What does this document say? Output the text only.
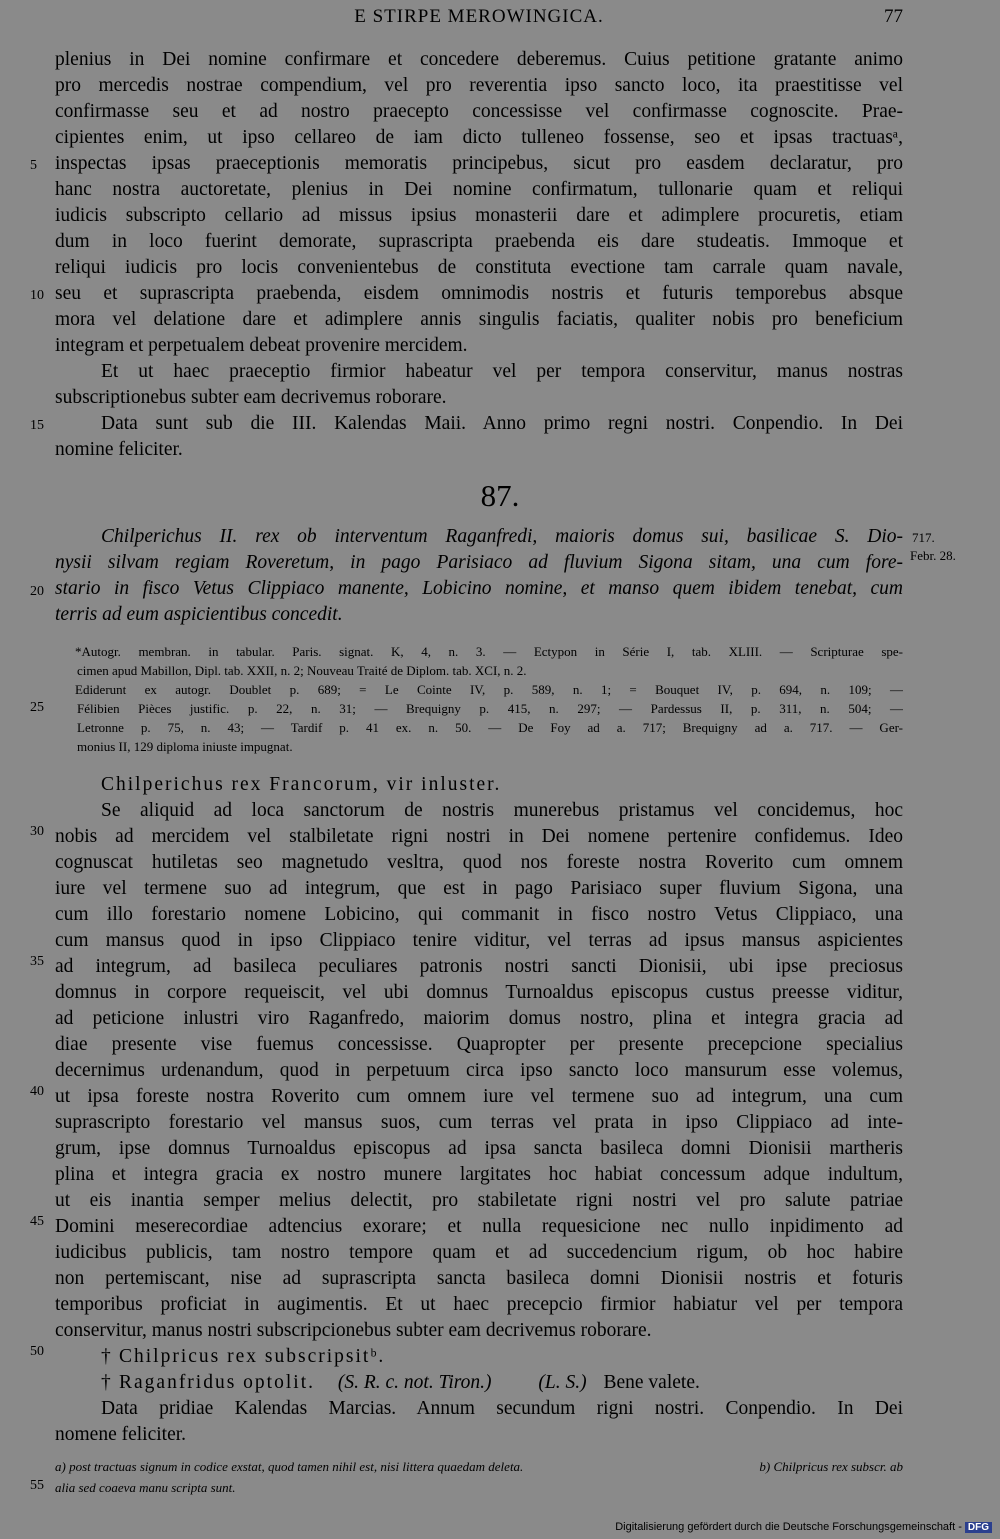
E STIRPE MEROWINGICA.	77
plenius in Dei nomine confirmare et concedere deberemus. Cuius petitione gratante animo
pro mercedis nostrae compendium, vel pro reverentia ipso sancto loco, ita praestitisse vel
confirmasse seu et ad nostro praecepto concessisse vel confirmasse cognoscite. Prae-
cipientes enim, ut ipso cellareo de iam dicto tulleneo fossense, seo et ipsas tractuasᵃ,
inspectas ipsas praeceptionis memoratis principebus, sicut pro easdem declaratur, pro
hanc nostra auctoretate, plenius in Dei nomine confirmatum, tullonarie quam et reliqui
iudicis subscripto cellario ad missus ipsius monasterii dare et adimplere procuretis, etiam
dum in loco fuerint demorate, suprascripta praebenda eis dare studeatis. Immoque et
reliqui iudicis pro locis convenientebus de constituta evectione tam carrale quam navale,
seu et suprascripta praebenda, eisdem omnimodis nostris et futuris temporebus absque
mora vel delatione dare et adimplere annis singulis faciatis, qualiter nobis pro beneficium
integram et perpetualem debeat provenire mercidem.
Et ut haec praeceptio firmior habeatur vel per tempora conservitur, manus nostras
subscriptionebus subter eam decrivemus roborare.
Data sunt sub die III. Kalendas Maii. Anno primo regni nostri. Conpendio. In Dei
nomine feliciter.
5
10
15
87.
Chilperichus II. rex ob interventum Raganfredi, maioris domus sui, basilicae S. Dio-
nysii silvam regiam Roveretum, in pago Parisiaco ad fluvium Sigona sitam, una cum fore-
stario in fisco Vetus Clippiaco manente, Lobicino nomine, et manso quem ibidem tenebat, cum
terris ad eum aspicientibus concedit.
717.
Febr. 28.
20
*Autogr. membran. in tabular. Paris. signat. K, 4, n. 3. — Ectypon in Série I, tab. XLIII. — Scripturae spe-
cimen apud Mabillon, Dipl. tab. XXII, n. 2; Nouveau Traité de Diplom. tab. XCI, n. 2.
Ediderunt ex autogr. Doublet p. 689; = Le Cointe IV, p. 589, n. 1; = Bouquet IV, p. 694, n. 109; —
Félibien Pièces justific. p. 22, n. 31; — Brequigny p. 415, n. 297; — Pardessus II, p. 311, n. 504; —
Letronne p. 75, n. 43; — Tardif p. 41 ex. n. 50. — De Foy ad a. 717; Brequigny ad a. 717. — Ger-
monius II, 129 diploma iniuste impugnat.
25
Chilperichus rex Francorum, vir inluster.
Se aliquid ad loca sanctorum de nostris munerebus pristamus vel concidemus, hoc
nobis ad mercidem vel stalbiletate rigni nostri in Dei nomene pertenire confidemus. Ideo
cognuscat hutiletas seo magnetudo vesltra, quod nos foreste nostra Roverito cum omnem
iure vel termene suo ad integrum, que est in pago Parisiaco super fluvium Sigona, una
cum illo forestario nomene Lobicino, qui commanit in fisco nostro Vetus Clippiaco, una
cum mansus quod in ipso Clippiaco tenire viditur, vel terras ad ipsus mansus aspicientes
ad integrum, ad basileca peculiares patronis nostri sancti Dionisii, ubi ipse preciosus
domnus in corpore requeiscit, vel ubi domnus Turnoaldus episcopus custus preesse viditur,
ad peticione inlustri viro Raganfredo, maiorim domus nostro, plina et integra gracia ad
diae presente vise fuemus concessisse. Quapropter per presente precepcione specialius
decernimus urdenandum, quod in perpetuum circa ipso sancto loco mansurum esse volemus,
ut ipsa foreste nostra Roverito cum omnem iure vel termene suo ad integrum, una cum
suprascripto forestario vel mansus suos, cum terras vel prata in ipso Clippiaco ad inte-
grum, ipse domnus Turnoaldus episcopus ad ipsa sancta basileca domni Dionisii martheris
plina et integra gracia ex nostro munere largitates hoc habiat concessum adque indultum,
ut eis inantia semper melius delectit, pro stabiletate rigni nostri vel pro salute patriae
Domini meserecordiae adtencius exorare; et nulla requesicione nec nullo inpidimento ad
iudicibus publicis, tam nostro tempore quam et ad succedencium rigum, ob hoc habire
non pertemiscant, nise ad suprascripta sancta basileca domni Dionisii nostris et foturis
temporibus proficiat in augimentis. Et ut haec precepcio firmior habiatur vel per tempora
conservitur, manus nostri subscripcionebus subter eam decrivemus roborare.
† Chilpricus rex subscripsitᵇ.
† Raganfridus optolit. (S. R. c. not. Tiron.) (L. S.) Bene valete.
Data pridiae Kalendas Marcias. Annum secundum rigni nostri. Conpendio. In Dei
nomene feliciter.
30
35
40
45
50
a) post tractuas signum in codice exstat, quod tamen nihil est, nisi littera quaedam deleta.	b) Chilpricus rex subscr. ab
alia sed coaeva manu scripta sunt.
55
Digitalisierung gefördert durch die Deutsche Forschungsgemeinschaft - DFG
